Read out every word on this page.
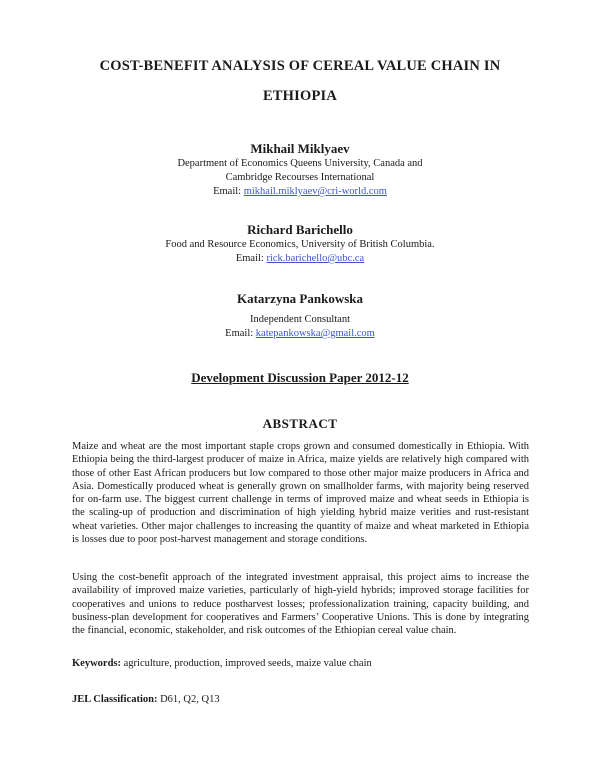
COST-BENEFIT ANALYSIS OF CEREAL VALUE CHAIN IN
ETHIOPIA
Mikhail Miklyaev
Department of Economics Queens University, Canada and
Cambridge Recourses International
Email: mikhail.miklyaev@cri-world.com
Richard Barichello
Food and Resource Economics, University of British Columbia.
Email: rick.barichello@ubc.ca
Katarzyna Pankowska
Independent Consultant
Email: katepankowska@gmail.com
Development Discussion Paper 2012-12
ABSTRACT

Maize and wheat are the most important staple crops grown and consumed domestically in Ethiopia. With Ethiopia being the third-largest producer of maize in Africa, maize yields are relatively high compared with those of other East African producers but low compared to those other major maize producers in Africa and Asia. Domestically produced wheat is generally grown on smallholder farms, with majority being reserved for on-farm use. The biggest current challenge in terms of improved maize and wheat seeds in Ethiopia is the scaling-up of production and discrimination of high yielding hybrid maize verities and rust-resistant wheat varieties. Other major challenges to increasing the quantity of maize and wheat marketed in Ethiopia is losses due to poor post-harvest management and storage conditions.

Using the cost-benefit approach of the integrated investment appraisal, this project aims to increase the availability of improved maize varieties, particularly of high-yield hybrids; improved storage facilities for cooperatives and unions to reduce postharvest losses; professionalization training, capacity building, and business-plan development for cooperatives and Farmers’ Cooperative Unions. This is done by integrating the financial, economic, stakeholder, and risk outcomes of the Ethiopian cereal value chain.

Keywords: agriculture, production, improved seeds, maize value chain
JEL Classification: D61, Q2, Q13
